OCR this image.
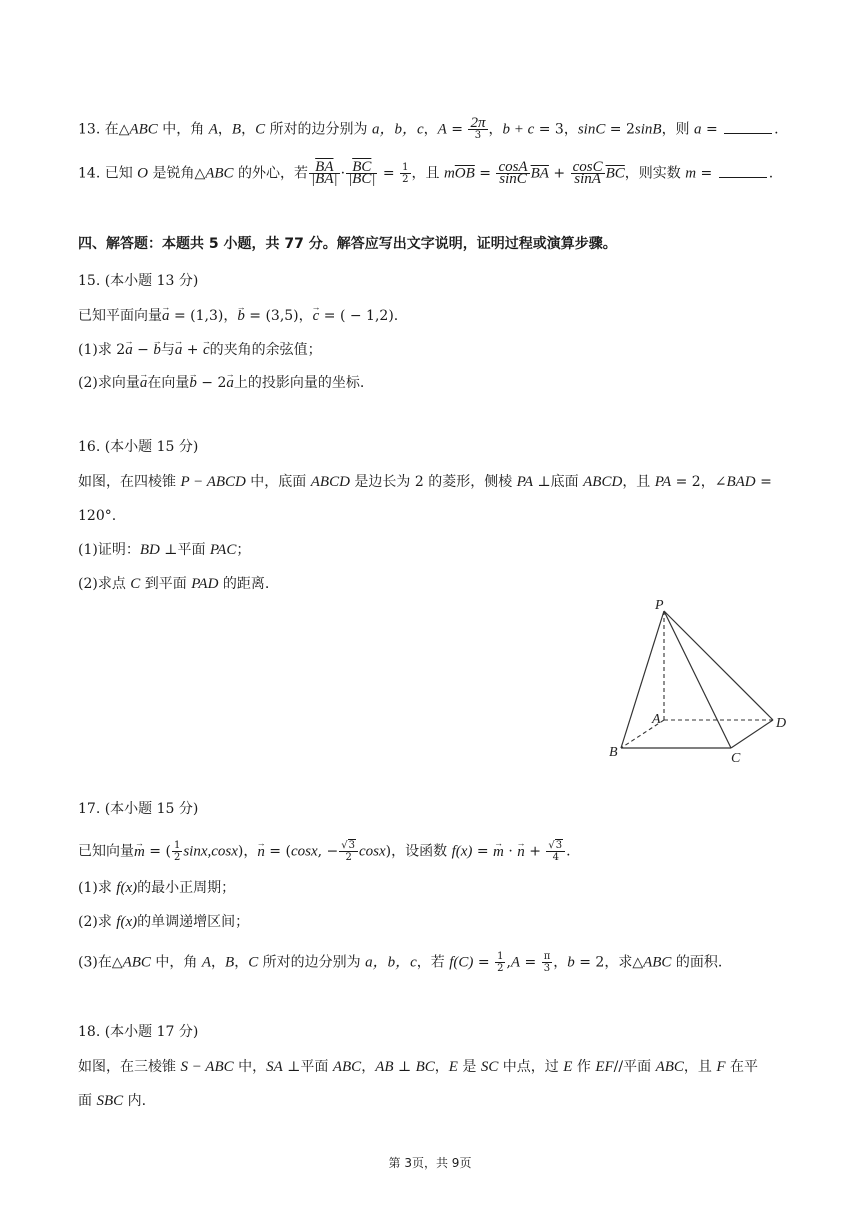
13. 在△ABC 中，角 A，B，C 所对的边分别为 a，b，c，$A = \frac{2\pi}{3}$ ，b + c = 3，sinC = 2sinB，则 a =	.
14. 已知 O 是锐角△ABC 的外心，若 $\frac{\overline{BA}}{|BA|} \cdot \frac{\overline{BC}}{|BC|} = \frac{1}{2}$ ，且 $m\overline{OB} = \frac{\cos A}{\sin C} \overline{BA} + \frac{\cos C}{\sin A} \overline{BC}$，则实数 m =	.
四、解答题：本题共 5 小题，共 77 分。解答应写出文字说明，证明过程或演算步骤。
15. (本小题 13 分)
已知平面向量→ a = (1,3)，→ b = (3,5)，→ c = ( − 1,2).
(1)求 2→ a − → b与→ a + → c的夹角的余弦值；
(2)求向量→ a在向量→ b − 2→ a上的投影向量的坐标.
16. (本小题 15 分)
如图，在四棱锥 P − ABCD 中，底面 ABCD 是边长为 2 的菱形，侧棱 PA ⊥底面 ABCD，且 PA = 2，∠BAD =
120°.
(1)证明：BD ⊥平面 PAC；
(2)求点 C 到平面 PAD 的距离.
P
A
B	C
D
17. (本小题 15 分)
已知向量→ m = ( $\frac{1}{2} \sin x,\cos x$)，→ n = (cosx, − $\frac{√3}{2} \cos x$)，设函数 f(x) = → m · → $n + \frac{√3}{4}$ .
(1)求 f(x)的最小正周期；
(2)求 f(x)的单调递增区间；
(3)在△ABC 中，角 A，B，C 所对的边分别为 a，b，c，若 $f(C) = \frac{1}{2} ,A = \frac{\pi}{3}$ ，b = 2，求△ABC 的面积.
18. (本小题 17 分)
如图，在三棱锥 S − ABC 中，SA ⊥平面 ABC，AB ⊥ BC，E 是 SC 中点，过 E 作 EF//平面 ABC，且 F 在平
面 SBC 内.
第 3页，共 9页
